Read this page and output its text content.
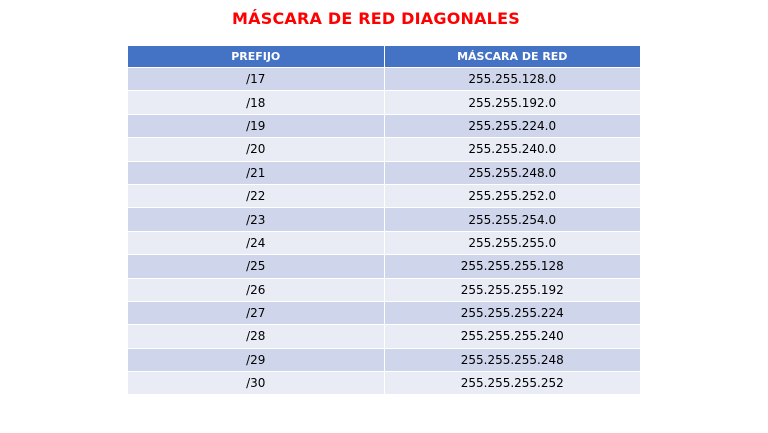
MÁSCARA DE RED DIAGONALES
PREFIJO	MÁSCARA DE RED
/17	255.255.128.0
/18	255.255.192.0
/19	255.255.224.0
/20	255.255.240.0
/21	255.255.248.0
/22	255.255.252.0
/23	255.255.254.0
/24	255.255.255.0
/25	255.255.255.128
/26	255.255.255.192
/27	255.255.255.224
/28	255.255.255.240
/29	255.255.255.248
/30	255.255.255.252
